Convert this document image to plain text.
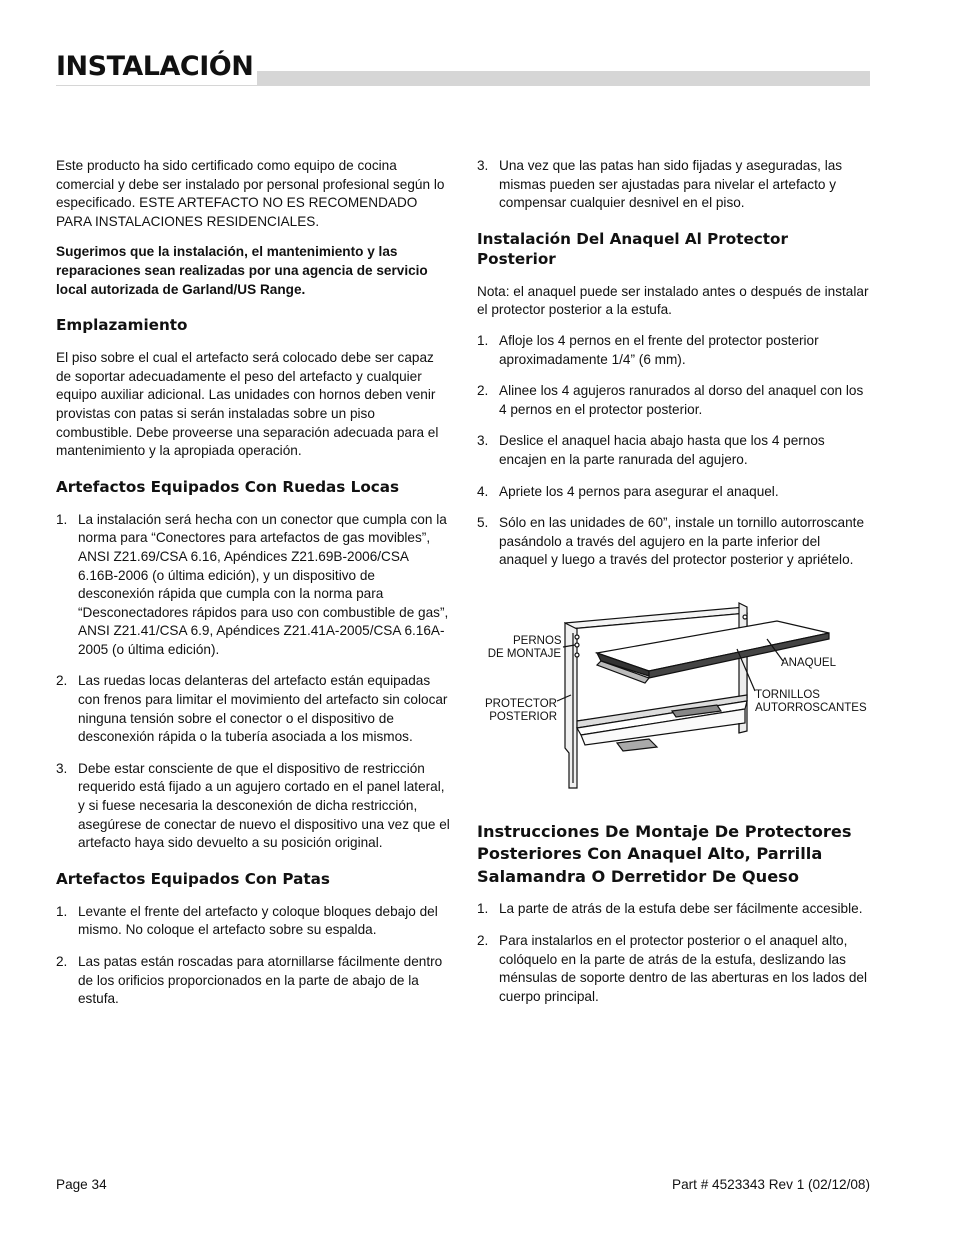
INSTALACIÓN

Este producto ha sido certificado como equipo de cocina comercial y debe ser instalado por personal profesional según lo especificado. ESTE ARTEFACTO NO ES RECOMENDADO PARA INSTALACIONES RESIDENCIALES.

Sugerimos que la instalación, el mantenimiento y las reparaciones sean realizadas por una agencia de servicio local autorizada de Garland/US Range.

Emplazamiento

El piso sobre el cual el artefacto será colocado debe ser capaz de soportar adecuadamente el peso del artefacto y cualquier equipo auxiliar adicional. Las unidades con hornos deben venir provistas con patas si serán instaladas sobre un piso combustible. Debe proveerse una separación adecuada para el mantenimiento y la apropiada operación.

Artefactos Equipados Con Ruedas Locas
1. La instalación será hecha con un conector que cumpla con la norma para “Conectores para artefactos de gas movibles”, ANSI Z21.69/CSA 6.16, Apéndices Z21.69B-2006/CSA 6.16B-2006 (o última edición), y un dispositivo de desconexión rápida que cumpla con la norma para “Desconectadores rápidos para uso con combustible de gas”, ANSI Z21.41/CSA 6.9, Apéndices Z21.41A-2005/CSA 6.16A-2005 (o última edición).
2. Las ruedas locas delanteras del artefacto están equipadas con frenos para limitar el movimiento del artefacto sin colocar ninguna tensión sobre el conector o el dispositivo de desconexión rápida o la tubería asociada a los mismos.
3. Debe estar consciente de que el dispositivo de restricción requerido está fijado a un agujero cortado en el panel lateral, y si fuese necesaria la desconexión de dicha restricción, asegúrese de conectar de nuevo el dispositivo una vez que el artefacto haya sido devuelto a su posición original.
Artefactos Equipados Con Patas
1. Levante el frente del artefacto y coloque bloques debajo del mismo. No coloque el artefacto sobre su espalda.
2. Las patas están roscadas para atornillarse fácilmente dentro de los orificios proporcionados en la parte de abajo de la estufa.
3. Una vez que las patas han sido fijadas y aseguradas, las mismas pueden ser ajustadas para nivelar el artefacto y compensar cualquier desnivel en el piso.
Instalación Del Anaquel Al Protector Posterior

Nota: el anaquel puede ser instalado antes o después de instalar el protector posterior a la estufa.

1. Afloje los 4 pernos en el frente del protector posterior aproximadamente 1/4” (6 mm).
2. Alinee los 4 agujeros ranurados al dorso del anaquel con los 4 pernos en el protector posterior.
3. Deslice el anaquel hacia abajo hasta que los 4 pernos encajen en la parte ranurada del agujero.
4. Apriete los 4 pernos para asegurar el anaquel.
5. Sólo en las unidades de 60”, instale un tornillo autorroscante pasándolo a través del agujero en la parte inferior del anaquel y luego a través del protector posterior y apriételo.
PERNOS
DE MONTAJE
PROTECTOR
POSTERIOR
ANAQUEL
TORNILLOS
AUTORROSCANTES
Instrucciones De Montaje De Protectores Posteriores Con Anaquel Alto, Parrilla Salamandra O Derretidor De Queso
1. La parte de atrás de la estufa debe ser fácilmente accesible.
2. Para instalarlos en el protector posterior o el anaquel alto, colóquelo en la parte de atrás de la estufa, deslizando las ménsulas de soporte dentro de las aberturas en los lados del cuerpo principal.
Page 34	Part # 4523343 Rev 1 (02/12/08)
